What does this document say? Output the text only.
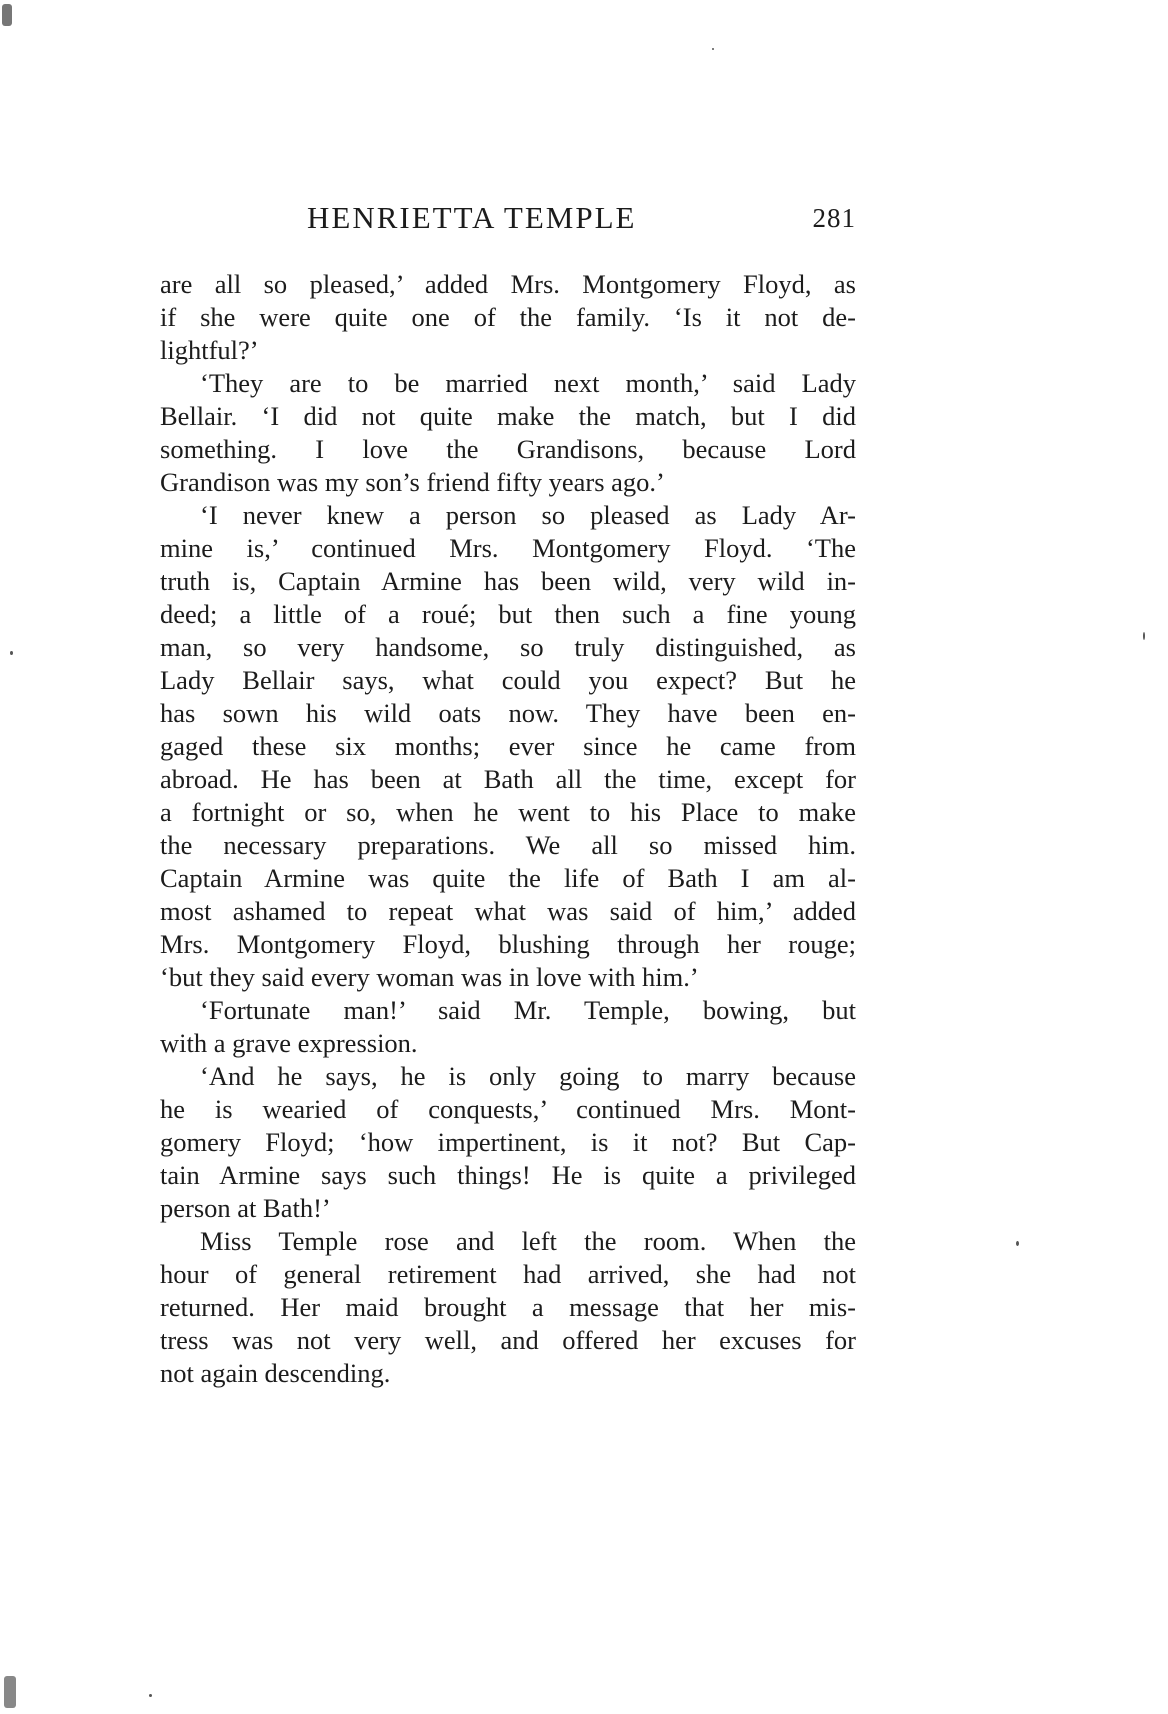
HENRIETTA TEMPLE	281
are all so pleased,’ added Mrs. Montgomery Floyd, as
if she were quite one of the family. ‘Is it not de-
lightful?’
‘They are to be married next month,’ said Lady
Bellair. ‘I did not quite make the match, but I did
something. I love the Grandisons, because Lord
Grandison was my son’s friend fifty years ago.’
‘I never knew a person so pleased as Lady Ar-
mine is,’ continued Mrs. Montgomery Floyd. ‘The
truth is, Captain Armine has been wild, very wild in-
deed; a little of a roué; but then such a fine young
man, so very handsome, so truly distinguished, as
Lady Bellair says, what could you expect? But he
has sown his wild oats now. They have been en-
gaged these six months; ever since he came from
abroad. He has been at Bath all the time, except for
a fortnight or so, when he went to his Place to make
the necessary preparations. We all so missed him.
Captain Armine was quite the life of Bath I am al-
most ashamed to repeat what was said of him,’ added
Mrs. Montgomery Floyd, blushing through her rouge;
‘but they said every woman was in love with him.’
‘Fortunate man!’ said Mr. Temple, bowing, but
with a grave expression.
‘And he says, he is only going to marry because
he is wearied of conquests,’ continued Mrs. Mont-
gomery Floyd; ‘how impertinent, is it not? But Cap-
tain Armine says such things! He is quite a privileged
person at Bath!’
Miss Temple rose and left the room. When the
hour of general retirement had arrived, she had not
returned. Her maid brought a message that her mis-
tress was not very well, and offered her excuses for
not again descending.
